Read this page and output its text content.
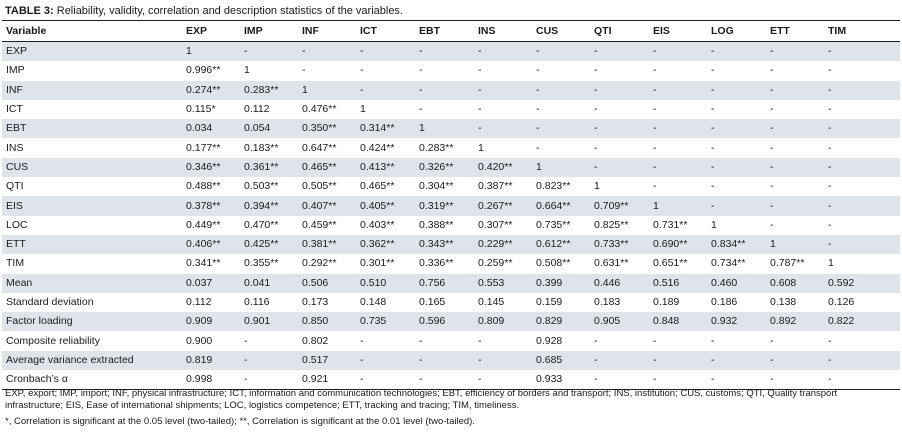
TABLE 3: Reliability, validity, correlation and description statistics of the variables.
Variable	EXP	IMP	INF	ICT	EBT	INS	CUS	QTI	EIS	LOG	ETT	TIM
EXP	1	-	-	-	-	-	-	-	-	-	-	-
IMP	0.996**	1	-	-	-	-	-	-	-	-	-	-
INF	0.274**	0.283**	1	-	-	-	-	-	-	-	-	-
ICT	0.115*	0.112	0.476**	1	-	-	-	-	-	-	-	-
EBT	0.034	0.054	0.350**	0.314**	1	-	-	-	-	-	-	-
INS	0.177**	0.183**	0.647**	0.424**	0.283**	1	-	-	-	-	-	-
CUS	0.346**	0.361**	0.465**	0.413**	0.326**	0.420**	1	-	-	-	-	-
QTI	0.488**	0.503**	0.505**	0.465**	0.304**	0.387**	0.823**	1	-	-	-	-
EIS	0.378**	0.394**	0.407**	0.405**	0.319**	0.267**	0.664**	0.709**	1	-	-	-
LOC	0.449**	0.470**	0.459**	0.403**	0.388**	0.307**	0.735**	0.825**	0.731**	1	-	-
ETT	0.406**	0.425**	0.381**	0.362**	0.343**	0.229**	0.612**	0.733**	0.690**	0.834**	1	-
TIM	0.341**	0.355**	0.292**	0.301**	0.336**	0.259**	0.508**	0.631**	0.651**	0.734**	0.787**	1
Mean	0.037	0.041	0.506	0.510	0.756	0.553	0.399	0.446	0.516	0.460	0.608	0.592
Standard deviation	0.112	0.116	0.173	0.148	0.165	0.145	0.159	0.183	0.189	0.186	0.138	0.126
Factor loading	0.909	0.901	0.850	0.735	0.596	0.809	0.829	0.905	0.848	0.932	0.892	0.822
Composite reliability	0.900	-	0.802	-	-	-	0.928	-	-	-	-	-
Average variance extracted	0.819	-	0.517	-	-	-	0.685	-	-	-	-	-
Cronbach’s α	0.998	-	0.921	-	-	-	0.933	-	-	-	-	-

EXP, export; IMP, import; INF, physical infrastructure; ICT, information and communication technologies; EBT, efficiency of borders and transport; INS, institution; CUS, customs; QTI, Quality transport infrastructure; EIS, Ease of international shipments; LOC, logistics competence; ETT, tracking and tracing; TIM, timeliness.

*, Correlation is significant at the 0.05 level (two-tailed); **, Correlation is significant at the 0.01 level (two-tailed).
